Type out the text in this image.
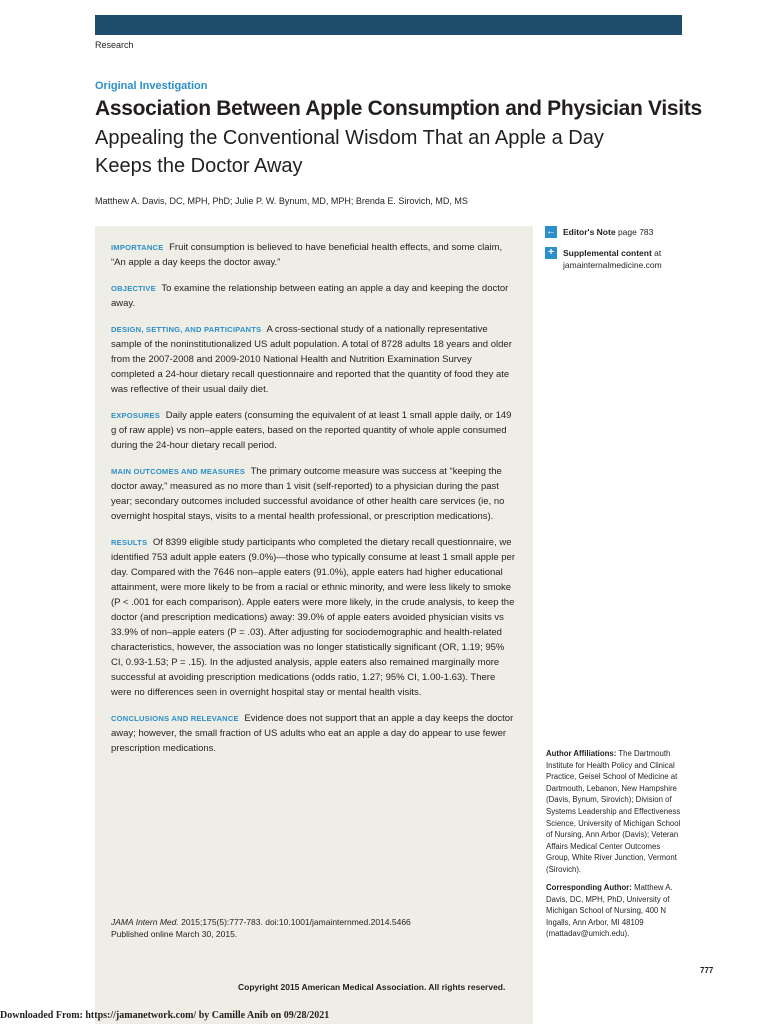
Research
Original Investigation
Association Between Apple Consumption and Physician Visits
Appealing the Conventional Wisdom That an Apple a Day Keeps the Doctor Away
Matthew A. Davis, DC, MPH, PhD; Julie P. W. Bynum, MD, MPH; Brenda E. Sirovich, MD, MS

IMPORTANCE Fruit consumption is believed to have beneficial health effects, and some claim, “An apple a day keeps the doctor away.”

OBJECTIVE To examine the relationship between eating an apple a day and keeping the doctor away.

DESIGN, SETTING, AND PARTICIPANTS A cross-sectional study of a nationally representative sample of the noninstitutionalized US adult population. A total of 8728 adults 18 years and older from the 2007-2008 and 2009-2010 National Health and Nutrition Examination Survey completed a 24-hour dietary recall questionnaire and reported that the quantity of food they ate was reflective of their usual daily diet.

EXPOSURES Daily apple eaters (consuming the equivalent of at least 1 small apple daily, or 149 g of raw apple) vs non–apple eaters, based on the reported quantity of whole apple consumed during the 24-hour dietary recall period.

MAIN OUTCOMES AND MEASURES The primary outcome measure was success at “keeping the doctor away,” measured as no more than 1 visit (self-reported) to a physician during the past year; secondary outcomes included successful avoidance of other health care services (ie, no overnight hospital stays, visits to a mental health professional, or prescription medications).

RESULTS Of 8399 eligible study participants who completed the dietary recall questionnaire, we identified 753 adult apple eaters (9.0%)—those who typically consume at least 1 small apple per day. Compared with the 7646 non–apple eaters (91.0%), apple eaters had higher educational attainment, were more likely to be from a racial or ethnic minority, and were less likely to smoke (P < .001 for each comparison). Apple eaters were more likely, in the crude analysis, to keep the doctor (and prescription medications) away: 39.0% of apple eaters avoided physician visits vs 33.9% of non–apple eaters (P = .03). After adjusting for sociodemographic and health-related characteristics, however, the association was no longer statistically significant (OR, 1.19; 95% CI, 0.93-1.53; P = .15). In the adjusted analysis, apple eaters also remained marginally more successful at avoiding prescription medications (odds ratio, 1.27; 95% CI, 1.00-1.63). There were no differences seen in overnight hospital stay or mental health visits.

CONCLUSIONS AND RELEVANCE Evidence does not support that an apple a day keeps the doctor away; however, the small fraction of US adults who eat an apple a day do appear to use fewer prescription medications.

JAMA Intern Med. 2015;175(5):777-783. doi:10.1001/jamainternmed.2014.5466
Published online March 30, 2015.
Copyright 2015 American Medical Association. All rights reserved.
← Editor's Note page 783
+	Supplemental content at
jamainternalmedicine.com
Author Affiliations: The Dartmouth Institute for Health Policy and Clinical Practice, Geisel School of Medicine at Dartmouth, Lebanon, New Hampshire (Davis, Bynum, Sirovich); Division of Systems Leadership and Effectiveness Science, University of Michigan School of Nursing, Ann Arbor (Davis); Veteran Affairs Medical Center Outcomes Group, White River Junction, Vermont (Sirovich).
Corresponding Author: Matthew A. Davis, DC, MPH, PhD, University of Michigan School of Nursing, 400 N Ingalls, Ann Arbor, MI 48109 (mattadav@umich.edu).
777
Downloaded From: https://jamanetwork.com/ by Camille Anib on 09/28/2021
